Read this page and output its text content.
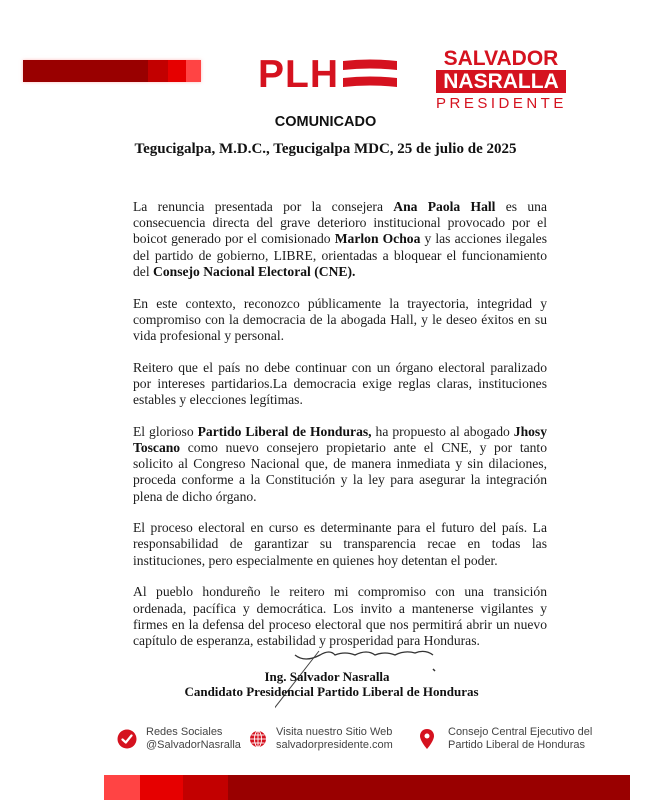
PLH	SALVADOR
NASRALLA
PRESIDENTE
COMUNICADO
Tegucigalpa, M.D.C., Tegucigalpa MDC, 25 de julio de 2025

La renuncia presentada por la consejera Ana Paola Hall es una consecuencia directa del grave deterioro institucional provocado por el boicot generado por el comisionado Marlon Ochoa y las acciones ilegales del partido de gobierno, LIBRE, orientadas a bloquear el funcionamiento del Consejo Nacional Electoral (CNE).

En este contexto, reconozco públicamente la trayectoria, integridad y compromiso con la democracia de la abogada Hall, y le deseo éxitos en su vida profesional y personal.

Reitero que el país no debe continuar con un órgano electoral paralizado por intereses partidarios.La democracia exige reglas claras, instituciones estables y elecciones legítimas.

El glorioso Partido Liberal de Honduras, ha propuesto al abogado Jhosy Toscano como nuevo consejero propietario ante el CNE, y por tanto solicito al Congreso Nacional que, de manera inmediata y sin dilaciones, proceda conforme a la Constitución y la ley para asegurar la integración plena de dicho órgano.

El proceso electoral en curso es determinante para el futuro del país. La responsabilidad de garantizar su transparencia recae en todas las instituciones, pero especialmente en quienes hoy detentan el poder.

Al pueblo hondureño le reitero mi compromiso con una transición ordenada, pacífica y democrática. Los invito a mantenerse vigilantes y firmes en la defensa del proceso electoral que nos permitirá abrir un nuevo capítulo de esperanza, estabilidad y prosperidad para Honduras.

Ing. Salvador Nasralla
Candidato Presidencial Partido Liberal de Honduras
Redes Sociales
@SalvadorNasralla
Visita nuestro Sitio Web
salvadorpresidente.com
Consejo Central Ejecutivo del
Partido Liberal de Honduras
